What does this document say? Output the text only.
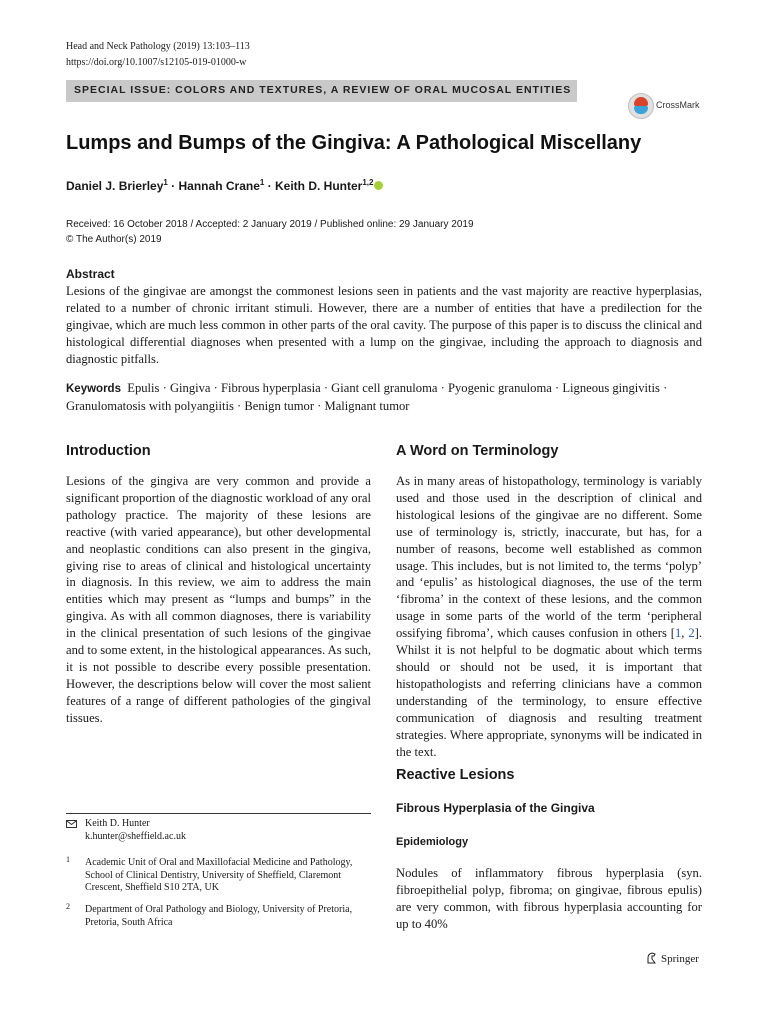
Head and Neck Pathology (2019) 13:103–113
https://doi.org/10.1007/s12105-019-01000-w
SPECIAL ISSUE: COLORS AND TEXTURES, A REVIEW OF ORAL MUCOSAL ENTITIES
CrossMark
Lumps and Bumps of the Gingiva: A Pathological Miscellany
Daniel J. Brierley$^1$ · Hannah Crane$^1$ · Keith D. Hunter$^{1,2}$
Received: 16 October 2018 / Accepted: 2 January 2019 / Published online: 29 January 2019
© The Author(s) 2019
Abstract
Lesions of the gingivae are amongst the commonest lesions seen in patients and the vast majority are reactive hyperplasias, related to a number of chronic irritant stimuli. However, there are a number of entities that have a predilection for the gingivae, which are much less common in other parts of the oral cavity. The purpose of this paper is to discuss the clinical and histological differential diagnoses when presented with a lump on the gingivae, including the approach to diagnosis and diagnostic pitfalls.
Keywords Epulis · Gingiva · Fibrous hyperplasia · Giant cell granuloma · Pyogenic granuloma · Ligneous gingivitis · Granulomatosis with polyangiitis · Benign tumor · Malignant tumor
Introduction
Lesions of the gingiva are very common and provide a significant proportion of the diagnostic workload of any oral pathology practice. The majority of these lesions are reactive (with varied appearance), but other developmental and neoplastic conditions can also present in the gingiva, giving rise to areas of clinical and histological uncertainty in diagnosis. In this review, we aim to address the main entities which may present as “lumps and bumps” in the gingiva. As with all common diagnoses, there is variability in the clinical presentation of such lesions of the gingivae and to some extent, in the histological appearances. As such, it is not possible to describe every possible presentation. However, the descriptions below will cover the most salient features of a range of different pathologies of the gingival tissues.
A Word on Terminology
As in many areas of histopathology, terminology is variably used and those used in the description of clinical and histological lesions of the gingivae are no different. Some use of terminology is, strictly, inaccurate, but has, for a number of reasons, become well established as common usage. This includes, but is not limited to, the terms ‘polyp’ and ‘epulis’ as histological diagnoses, the use of the term ‘fibroma’ in the context of these lesions, and the common usage in some parts of the world of the term ‘peripheral ossifying fibroma’, which causes confusion in others [1, 2]. Whilst it is not helpful to be dogmatic about which terms should or should not be used, it is important that histopathologists and referring clinicians have a common understanding of the terminology, to ensure effective communication of diagnosis and resulting treatment strategies. Where appropriate, synonyms will be indicated in the text.
Reactive Lesions
Fibrous Hyperplasia of the Gingiva
Epidemiology
Nodules of inflammatory fibrous hyperplasia (syn. fibroepithelial polyp, fibroma; on gingivae, fibrous epulis) are very common, with fibrous hyperplasia accounting for up to 40%
Keith D. Hunter
k.hunter@sheffield.ac.uk
1 Academic Unit of Oral and Maxillofacial Medicine and Pathology, School of Clinical Dentistry, University of Sheffield, Claremont Crescent, Sheffield S10 2TA, UK
2 Department of Oral Pathology and Biology, University of Pretoria, Pretoria, South Africa
Springer
